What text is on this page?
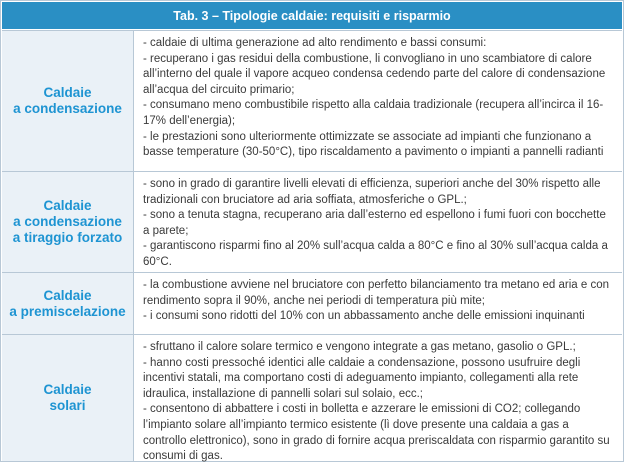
Tab. 3 – Tipologie caldaie: requisiti e risparmio
Caldaie
a condensazione

- caldaie di ultima generazione ad alto rendimento e bassi consumi:

- recuperano i gas residui della combustione, li convogliano in uno scambiatore di calore all’interno del quale il vapore acqueo condensa cedendo parte del calore di condensazione all’acqua del circuito primario;

- consumano meno combustibile rispetto alla caldaia tradizionale (recupera all’incirca il 16-17% dell’energia);

- le prestazioni sono ulteriormente ottimizzate se associate ad impianti che funzionano a basse temperature (30-50°C), tipo riscaldamento a pavimento o impianti a pannelli radianti

Caldaie
a condensazione
a tiraggio forzato

- sono in grado di garantire livelli elevati di efficienza, superiori anche del 30% rispetto alle tradizionali con bruciatore ad aria soffiata, atmosferiche o GPL.;

- sono a tenuta stagna, recuperano aria dall’esterno ed espellono i fumi fuori con bocchette a parete;

- garantiscono risparmi fino al 20% sull’acqua calda a 80°C e fino al 30% sull’acqua calda a 60°C.

Caldaie
a premiscelazione

- la combustione avviene nel bruciatore con perfetto bilanciamento tra metano ed aria e con rendimento sopra il 90%, anche nei periodi di temperatura più mite;

- i consumi sono ridotti del 10% con un abbassamento anche delle emissioni inquinanti

Caldaie
solari

- sfruttano il calore solare termico e vengono integrate a gas metano, gasolio o GPL.;

- hanno costi pressoché identici alle caldaie a condensazione, possono usufruire degli incentivi statali, ma comportano costi di adeguamento impianto, collegamenti alla rete idraulica, installazione di pannelli solari sul solaio, ecc.;

- consentono di abbattere i costi in bolletta e azzerare le emissioni di CO2; collegando l’impianto solare all’impianto termico esistente (lì dove presente una caldaia a gas a controllo elettronico), sono in grado di fornire acqua preriscaldata con risparmio garantito su consumi di gas.
